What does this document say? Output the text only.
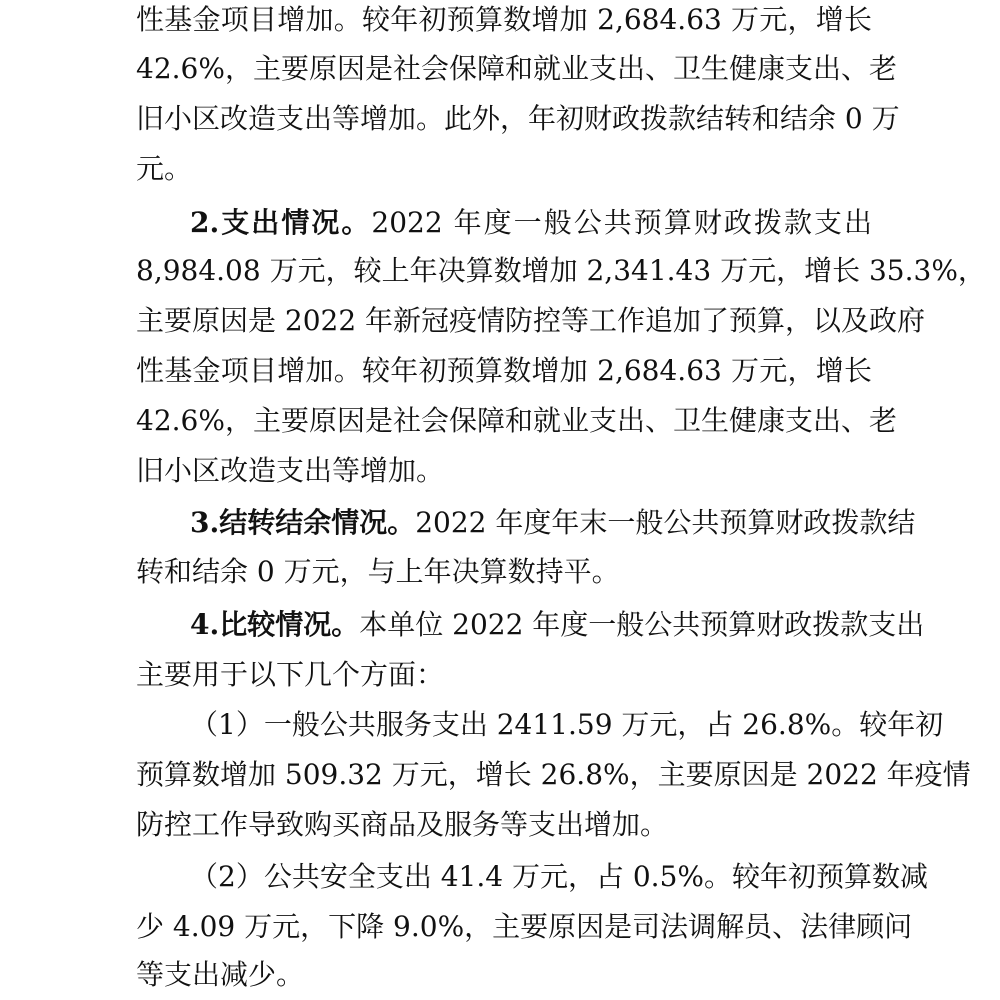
性基金项目增加。较年初预算数增加 2,684.63 万元，增长
42.6%，主要原因是社会保障和就业支出、卫生健康支出、老
旧小区改造支出等增加。此外，年初财政拨款结转和结余 0 万
元。
2.支出情况。2022 年度一般公共预算财政拨款支出
8,984.08 万元，较上年决算数增加 2,341.43 万元，增长 35.3%，
主要原因是 2022 年新冠疫情防控等工作追加了预算，以及政府
性基金项目增加。较年初预算数增加 2,684.63 万元，增长
42.6%，主要原因是社会保障和就业支出、卫生健康支出、老
旧小区改造支出等增加。
3.结转结余情况。2022 年度年末一般公共预算财政拨款结
转和结余 0 万元，与上年决算数持平。
4.比较情况。本单位 2022 年度一般公共预算财政拨款支出
主要用于以下几个方面：
（1）一般公共服务支出 2411.59 万元，占 26.8%。较年初
预算数增加 509.32 万元，增长 26.8%，主要原因是 2022 年疫情
防控工作导致购买商品及服务等支出增加。
（2）公共安全支出 41.4 万元，占 0.5%。较年初预算数减
少 4.09 万元，下降 9.0%，主要原因是司法调解员、法律顾问
等支出减少。
